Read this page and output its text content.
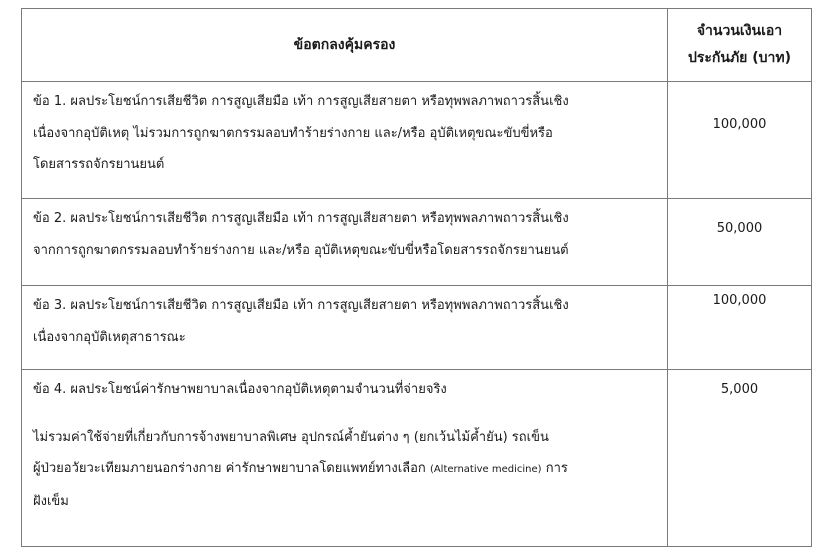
ข้อตกลงคุ้มครอง	จำนวนเงินเอา
ประกันภัย (บาท)

ข้อ 1. ผลประโยชน์การเสียชีวิต การสูญเสียมือ เท้า การสูญเสียสายตา หรือทุพพลภาพถาวรสิ้นเชิง
เนื่องจากอุบัติเหตุ ไม่รวมการถูกฆาตกรรมลอบทำร้ายร่างกาย และ/หรือ อุบัติเหตุขณะขับขี่หรือ
โดยสารรถจักรยานยนต์	100,000

ข้อ 2. ผลประโยชน์การเสียชีวิต การสูญเสียมือ เท้า การสูญเสียสายตา หรือทุพพลภาพถาวรสิ้นเชิง
จากการถูกฆาตกรรมลอบทำร้ายร่างกาย และ/หรือ อุบัติเหตุขณะขับขี่หรือโดยสารรถจักรยานยนต์	50,000

ข้อ 3. ผลประโยชน์การเสียชีวิต การสูญเสียมือ เท้า การสูญเสียสายตา หรือทุพพลภาพถาวรสิ้นเชิง
เนื่องจากอุบัติเหตุสาธารณะ	100,000

ข้อ 4. ผลประโยชน์ค่ารักษาพยาบาลเนื่องจากอุบัติเหตุตามจำนวนที่จ่ายจริง
ไม่รวมค่าใช้จ่ายที่เกี่ยวกับการจ้างพยาบาลพิเศษ อุปกรณ์ค้ำยันต่าง ๆ (ยกเว้นไม้ค้ำยัน) รถเข็น
ผู้ป่วยอวัยวะเทียมภายนอกร่างกาย ค่ารักษาพยาบาลโดยแพทย์ทางเลือก (Alternative medicine) การ
ฝังเข็ม	5,000
